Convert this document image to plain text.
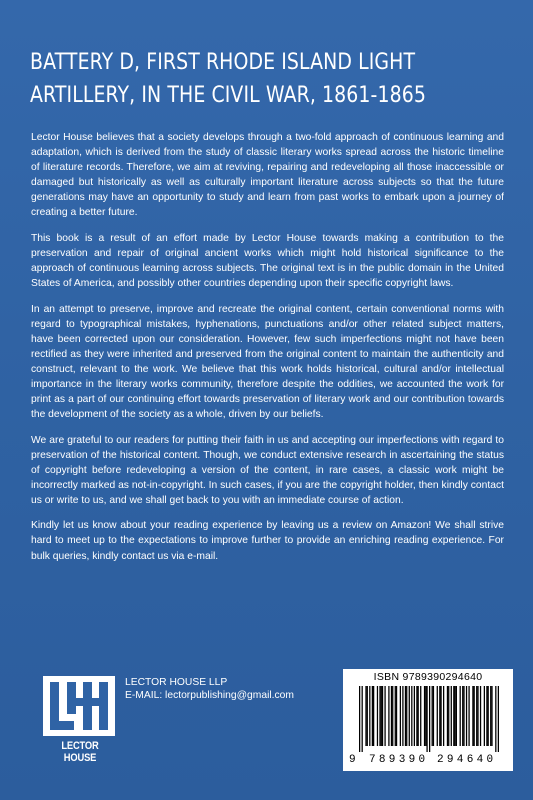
BATTERY D, FIRST RHODE ISLAND LIGHT
ARTILLERY, IN THE CIVIL WAR, 1861-1865

Lector House believes that a society develops through a two-fold approach of continuous learning and adaptation, which is derived from the study of classic literary works spread across the historic timeline of literature records. Therefore, we aim at reviving, repairing and redeveloping all those inaccessible or damaged but historically as well as culturally important literature across subjects so that the future generations may have an opportunity to study and learn from past works to embark upon a journey of creating a better future.

This book is a result of an effort made by Lector House towards making a contribution to the preservation and repair of original ancient works which might hold historical significance to the approach of continuous learning across subjects. The original text is in the public domain in the United States of America, and possibly other countries depending upon their specific copyright laws.

In an attempt to preserve, improve and recreate the original content, certain conventional norms with regard to typographical mistakes, hyphenations, punctuations and/or other related subject matters, have been corrected upon our consideration. However, few such imperfections might not have been rectified as they were inherited and preserved from the original content to maintain the authenticity and construct, relevant to the work. We believe that this work holds historical, cultural and/or intellectual importance in the literary works community, therefore despite the oddities, we accounted the work for print as a part of our continuing effort towards preservation of literary work and our contribution towards the development of the society as a whole, driven by our beliefs.

We are grateful to our readers for putting their faith in us and accepting our imperfections with regard to preservation of the historical content. Though, we conduct extensive research in ascertaining the status of copyright before redeveloping a version of the content, in rare cases, a classic work might be incorrectly marked as not-in-copyright. In such cases, if you are the copyright holder, then kindly contact us or write to us, and we shall get back to you with an immediate course of action.

Kindly let us know about your reading experience by leaving us a review on Amazon! We shall strive hard to meet up to the expectations to improve further to provide an enriching reading experience. For bulk queries, kindly contact us via e-mail.

LECTOR HOUSE
LECTOR HOUSE LLP
E-MAIL: lectorpublishing@gmail.com
ISBN 9789390294640
9 789390 294640
